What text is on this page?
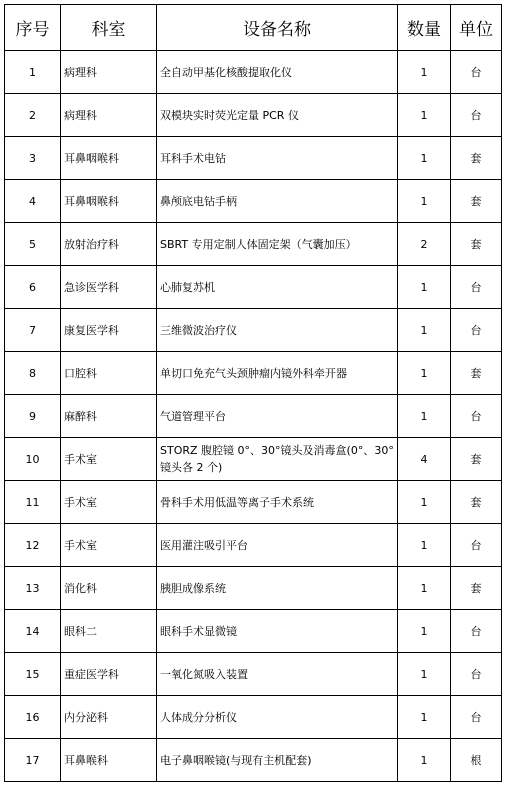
序号	科室	设备名称	数量	单位
1	病理科	全自动甲基化核酸提取化仪	1	台
2	病理科	双模块实时荧光定量 PCR 仪	1	台
3	耳鼻咽喉科	耳科手术电钻	1	套
4	耳鼻咽喉科	鼻颅底电钻手柄	1	套
5	放射治疗科	SBRT 专用定制人体固定架（气囊加压）	2	套
6	急诊医学科	心肺复苏机	1	台
7	康复医学科	三维微波治疗仪	1	台
8	口腔科	单切口免充气头颈肿瘤内镜外科牵开器	1	套
9	麻醉科	气道管理平台	1	台
10	手术室	STORZ 腹腔镜 0°、30°镜头及消毒盒(0°、30°镜头各 2 个)	4	套
11	手术室	骨科手术用低温等离子手术系统	1	套
12	手术室	医用灌注吸引平台	1	台
13	消化科	胰胆成像系统	1	套
14	眼科二	眼科手术显微镜	1	台
15	重症医学科	一氧化氮吸入装置	1	台
16	内分泌科	人体成分分析仪	1	台
17	耳鼻喉科	电子鼻咽喉镜(与现有主机配套)	1	根
